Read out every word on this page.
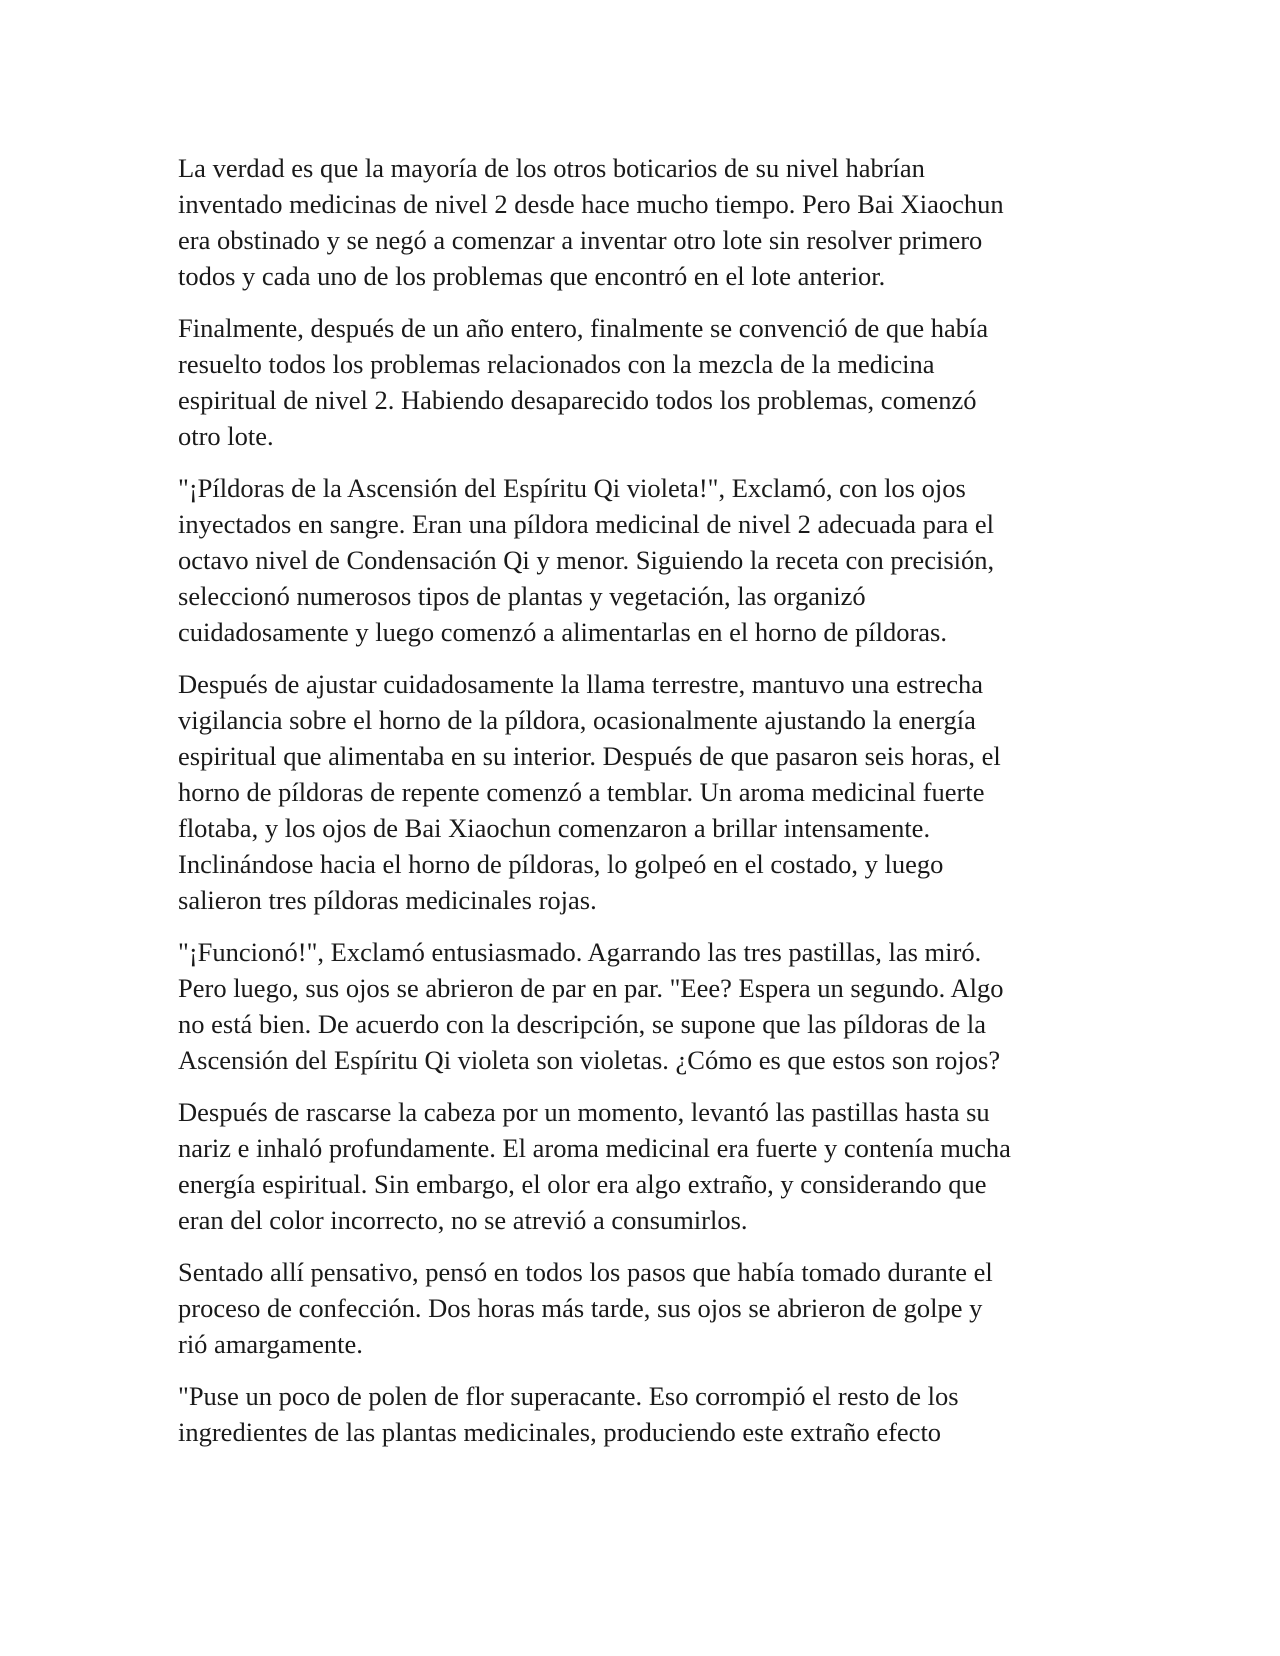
La verdad es que la mayoría de los otros boticarios de su nivel habrían
inventado medicinas de nivel 2 desde hace mucho tiempo. Pero Bai Xiaochun
era obstinado y se negó a comenzar a inventar otro lote sin resolver primero
todos y cada uno de los problemas que encontró en el lote anterior.

Finalmente, después de un año entero, finalmente se convenció de que había
resuelto todos los problemas relacionados con la mezcla de la medicina
espiritual de nivel 2. Habiendo desaparecido todos los problemas, comenzó
otro lote.

"¡Píldoras de la Ascensión del Espíritu Qi violeta!", Exclamó, con los ojos
inyectados en sangre. Eran una píldora medicinal de nivel 2 adecuada para el
octavo nivel de Condensación Qi y menor. Siguiendo la receta con precisión,
seleccionó numerosos tipos de plantas y vegetación, las organizó
cuidadosamente y luego comenzó a alimentarlas en el horno de píldoras.

Después de ajustar cuidadosamente la llama terrestre, mantuvo una estrecha
vigilancia sobre el horno de la píldora, ocasionalmente ajustando la energía
espiritual que alimentaba en su interior. Después de que pasaron seis horas, el
horno de píldoras de repente comenzó a temblar. Un aroma medicinal fuerte
flotaba, y los ojos de Bai Xiaochun comenzaron a brillar intensamente.
Inclinándose hacia el horno de píldoras, lo golpeó en el costado, y luego
salieron tres píldoras medicinales rojas.

"¡Funcionó!", Exclamó entusiasmado. Agarrando las tres pastillas, las miró.
Pero luego, sus ojos se abrieron de par en par. "Eee? Espera un segundo. Algo
no está bien. De acuerdo con la descripción, se supone que las píldoras de la
Ascensión del Espíritu Qi violeta son violetas. ¿Cómo es que estos son rojos?

Después de rascarse la cabeza por un momento, levantó las pastillas hasta su
nariz e inhaló profundamente. El aroma medicinal era fuerte y contenía mucha
energía espiritual. Sin embargo, el olor era algo extraño, y considerando que
eran del color incorrecto, no se atrevió a consumirlos.

Sentado allí pensativo, pensó en todos los pasos que había tomado durante el
proceso de confección. Dos horas más tarde, sus ojos se abrieron de golpe y
rió amargamente.

"Puse un poco de polen de flor superacante. Eso corrompió el resto de los
ingredientes de las plantas medicinales, produciendo este extraño efecto
